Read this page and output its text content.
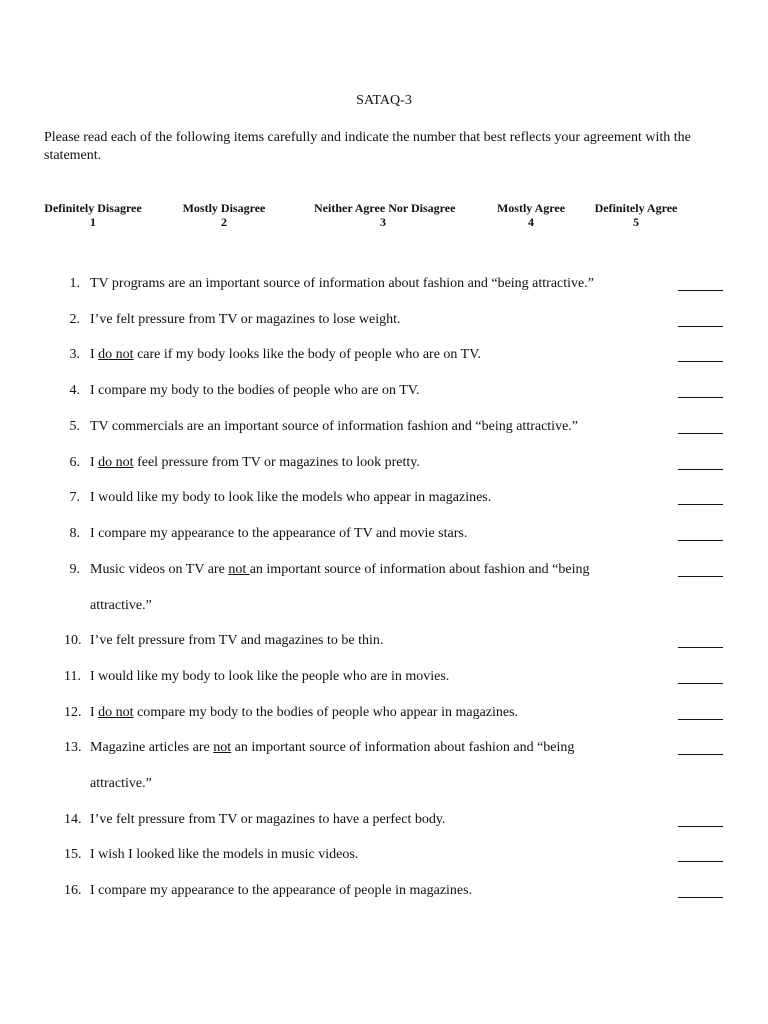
SATAQ-3
Please read each of the following items carefully and indicate the number that best reflects your agreement with the statement.
Definitely Disagree
1
Mostly Disagree
2
Neither Agree Nor Disagree
3
Mostly Agree
4
Definitely Agree
5
1. TV programs are an important source of information about fashion and “being attractive.”
2. I’ve felt pressure from TV or magazines to lose weight.
3. I do not care if my body looks like the body of people who are on TV.
4. I compare my body to the bodies of people who are on TV.
5. TV commercials are an important source of information fashion and “being attractive.”
6. I do not feel pressure from TV or magazines to look pretty.
7. I would like my body to look like the models who appear in magazines.
8. I compare my appearance to the appearance of TV and movie stars.
9. Music videos on TV are not an important source of information about fashion and “being
attractive.”
10. I’ve felt pressure from TV and magazines to be thin.
11. I would like my body to look like the people who are in movies.
12. I do not compare my body to the bodies of people who appear in magazines.
13. Magazine articles are not an important source of information about fashion and “being
attractive.”
14. I’ve felt pressure from TV or magazines to have a perfect body.
15. I wish I looked like the models in music videos.
16. I compare my appearance to the appearance of people in magazines.
